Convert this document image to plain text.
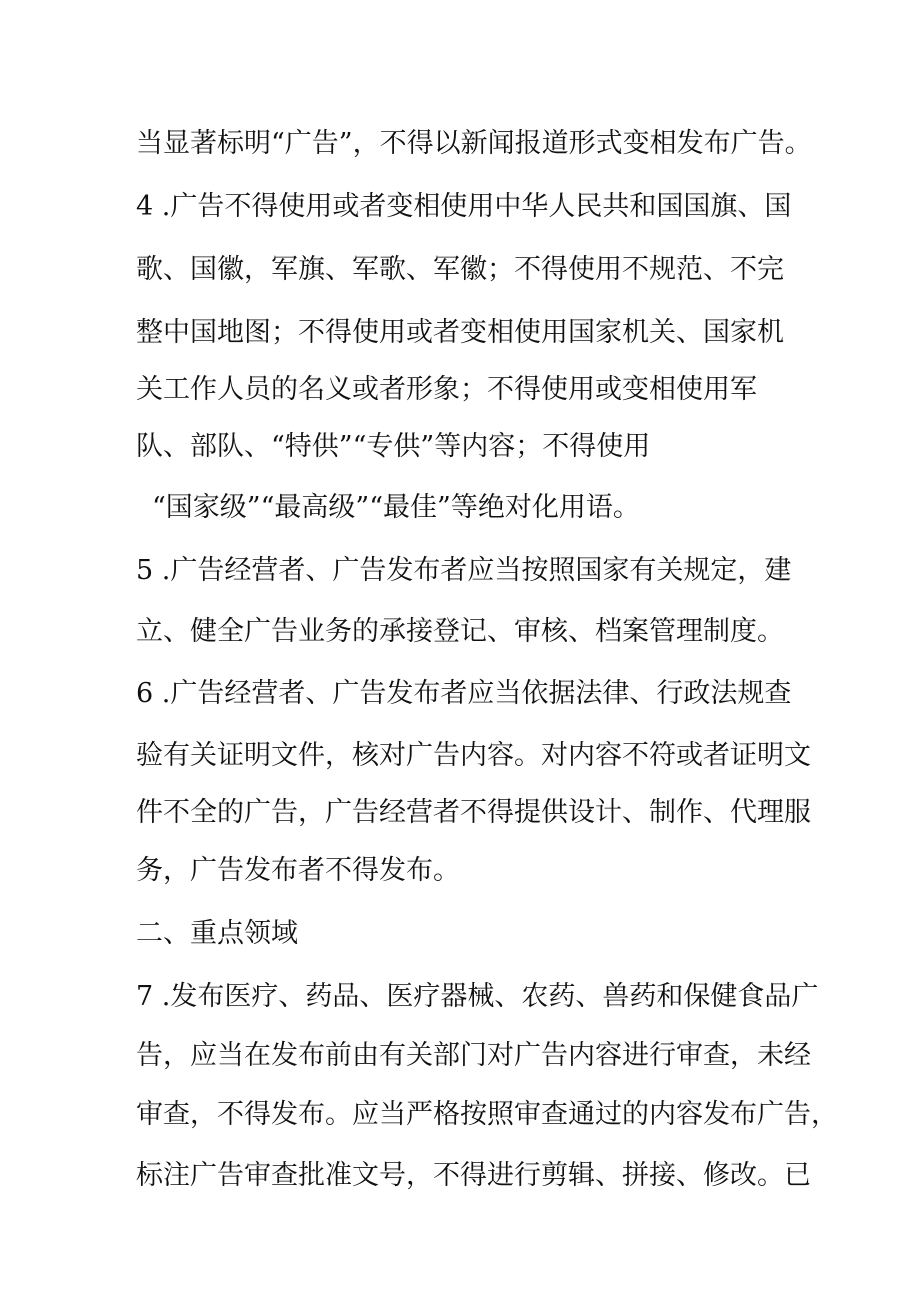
当显著标明“广告”，不得以新闻报道形式变相发布广告。
4 .广告不得使用或者变相使用中华人民共和国国旗、国
歌、国徽，军旗、军歌、军徽；不得使用不规范、不完
整中国地图；不得使用或者变相使用国家机关、国家机
关工作人员的名义或者形象；不得使用或变相使用军
队、部队、“特供”“专供”等内容；不得使用
“国家级”“最高级”“最佳”等绝对化用语。
5 .广告经营者、广告发布者应当按照国家有关规定，建
立、健全广告业务的承接登记、审核、档案管理制度。
6 .广告经营者、广告发布者应当依据法律、行政法规查
验有关证明文件，核对广告内容。对内容不符或者证明文
件不全的广告，广告经营者不得提供设计、制作、代理服
务，广告发布者不得发布。
二、重点领域
7 .发布医疗、药品、医疗器械、农药、兽药和保健食品广
告，应当在发布前由有关部门对广告内容进行审查，未经
审查，不得发布。应当严格按照审查通过的内容发布广告，
标注广告审查批准文号，不得进行剪辑、拼接、修改。已
